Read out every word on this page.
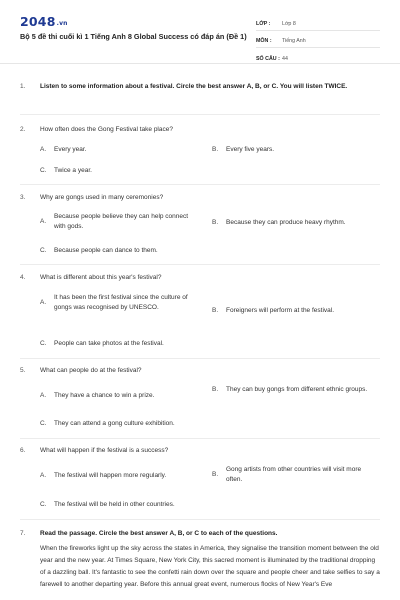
2048.vn
Bộ 5 đề thi cuối kì 1 Tiếng Anh 8 Global Success có đáp án (Đề 1)
LỚP :	Lớp 8
MÔN :	Tiếng Anh
SỐ CÂU : 44
1. Listen to some information about a festival. Circle the best answer A, B, or C. You will listen TWICE.
2. How often does the Gong Festival take place?
A.	Every year.	B.	Every five years.
C.	Twice a year.
3. Why are gongs used in many ceremonies?
A.
Because people believe they can help connect with gods.
B.	Because they can produce heavy rhythm.
C.	Because people can dance to them.
4. What is different about this year's festival?
A.
It has been the first festival since the culture of gongs was recognised by UNESCO.	B.	Foreigners will perform at the festival.
C.	People can take photos at the festival.
5. What can people do at the festival?
A.	They have a chance to win a prize.
B.	They can buy gongs from different ethnic groups.
C.	They can attend a gong culture exhibition.
6. What will happen if the festival is a success?
A.	The festival will happen more regularly.	B.
Gong artists from other countries will visit more often.
C.	The festival will be held in other countries.
7. Read the passage. Circle the best answer A, B, or C to each of the questions.
When the fireworks light up the sky across the states in America, they signalise the transition moment between the old year and the new year. At Times Square, New York City, this sacred moment is illuminated by the traditional dropping of a dazzling ball. It's fantastic to see the confetti rain down over the square and people cheer and take selfies to say a farewell to another departing year. Before this annual great event, numerous flocks of New Year's Eve
